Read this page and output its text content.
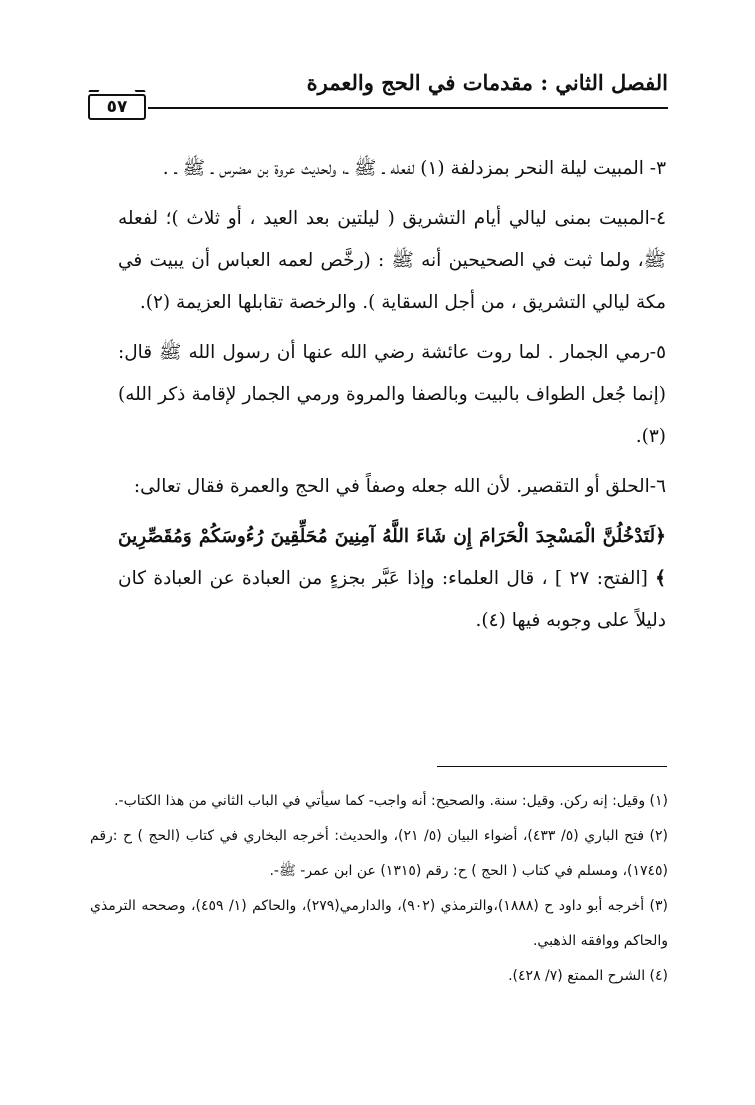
الفصل الثاني : مقدمات في الحج والعمرة
٥٧

٣- المبيت ليلة النحر بمزدلفة (١) لفعله ـ ﷺ ـ، ولحديث عروة بن مضرس ـ ﷺ ـ .

٤-المبيت بمنى ليالي أيام التشريق ( ليلتين بعد العيد ، أو ثلاث )؛ لفعله ﷺ، ولما ثبت في الصحيحين أنه ﷺ : (رخَّص لعمه العباس أن يبيت في مكة ليالي التشريق ، من أجل السقاية ). والرخصة تقابلها العزيمة (٢).

٥-رمي الجمار . لما روت عائشة رضي الله عنها أن رسول الله ﷺ قال: (إنما جُعل الطواف بالبيت وبالصفا والمروة ورمي الجمار لإقامة ذكر الله)(٣).

٦-الحلق أو التقصير. لأن الله جعله وصفاً في الحج والعمرة فقال تعالى:

﴿لَتَدْخُلُنَّ الْمَسْجِدَ الْحَرَامَ إِن شَاءَ اللَّهُ آمِنِينَ مُحَلِّقِينَ رُءُوسَكُمْ وَمُقَصِّرِينَ ﴾ [الفتح: ٢٧ ] ، قال العلماء: وإذا عَبَّر بجزءٍ من العبادة عن العبادة كان دليلاً على وجوبه فيها (٤).

(١) وقيل: إنه ركن. وقيل: سنة. والصحيح: أنه واجب- كما سيأتي في الباب الثاني من هذا الكتاب-.

(٢) فتح الباري (٥/ ٤٣٣)، أضواء البيان (٥/ ٢١)، والحديث: أخرجه البخاري في كتاب (الحج ) ح :رقم (١٧٤٥)، ومسلم في كتاب ( الحج ) ح: رقم (١٣١٥) عن ابن عمر- ﷺ-.

(٣) أخرجه أبو داود ح (١٨٨٨)،والترمذي (٩٠٢)، والدارمي(٢٧٩)، والحاكم (١/ ٤٥٩)، وصححه الترمذي والحاكم ووافقه الذهبي.

(٤) الشرح الممتع (٧/ ٤٢٨).
